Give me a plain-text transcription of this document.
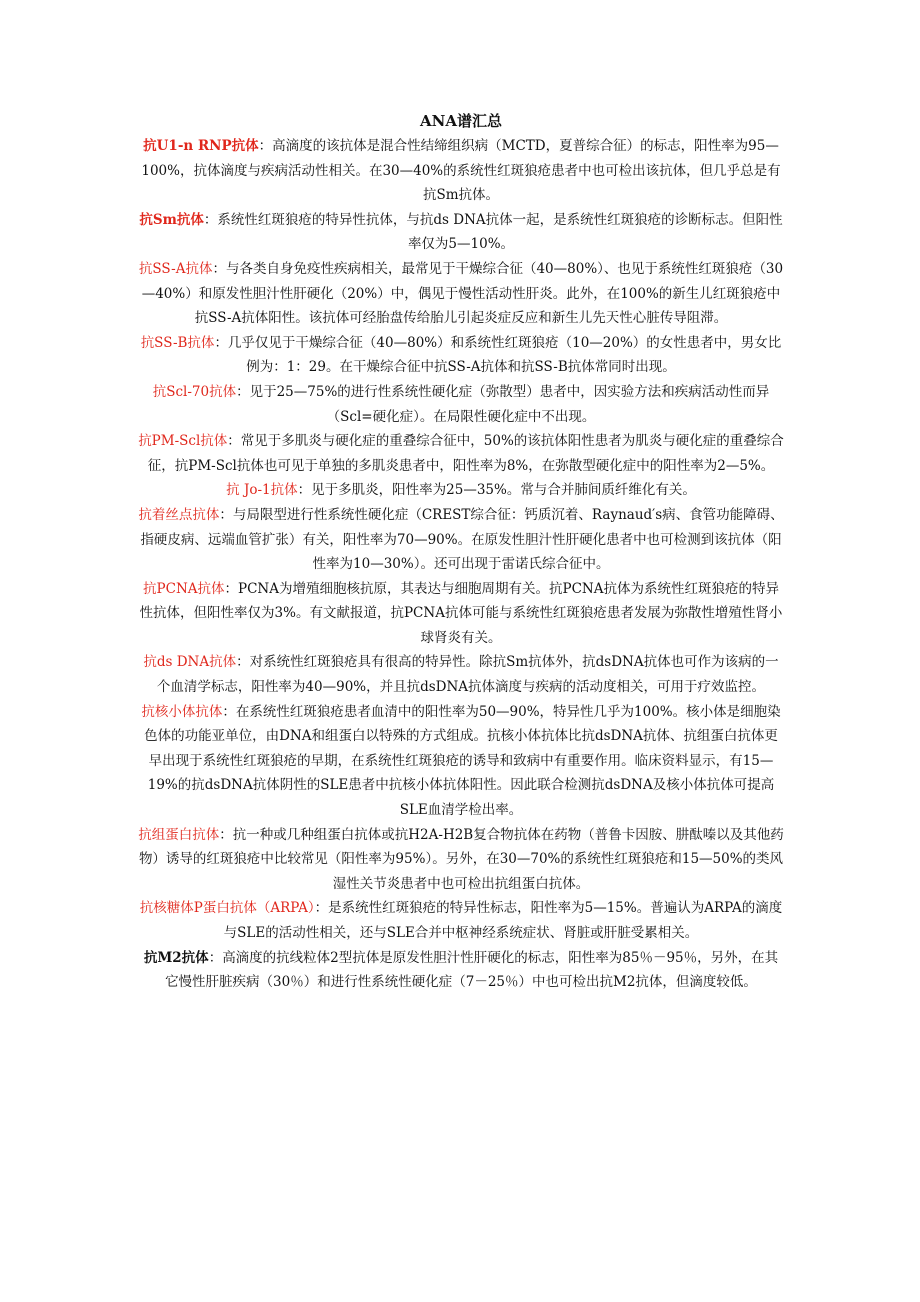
ANA谱汇总

抗U1-n RNP抗体：高滴度的该抗体是混合性结缔组织病（MCTD，夏普综合征）的标志，阳性率为95—100%，抗体滴度与疾病活动性相关。在30—40%的系统性红斑狼疮患者中也可检出该抗体，但几乎总是有抗Sm抗体。

抗Sm抗体：系统性红斑狼疮的特异性抗体，与抗ds DNA抗体一起，是系统性红斑狼疮的诊断标志。但阳性率仅为5—10%。

抗SS-A抗体：与各类自身免疫性疾病相关，最常见于干燥综合征（40—80%）、也见于系统性红斑狼疮（30—40%）和原发性胆汁性肝硬化（20%）中，偶见于慢性活动性肝炎。此外，在100%的新生儿红斑狼疮中抗SS-A抗体阳性。该抗体可经胎盘传给胎儿引起炎症反应和新生儿先天性心脏传导阻滞。

抗SS-B抗体：几乎仅见于干燥综合征（40—80%）和系统性红斑狼疮（10—20%）的女性患者中，男女比例为：1：29。在干燥综合征中抗SS-A抗体和抗SS-B抗体常同时出现。

抗Scl-70抗体：见于25—75%的进行性系统性硬化症（弥散型）患者中，因实验方法和疾病活动性而异（Scl=硬化症）。在局限性硬化症中不出现。

抗PM-Scl抗体：常见于多肌炎与硬化症的重叠综合征中，50%的该抗体阳性患者为肌炎与硬化症的重叠综合征，抗PM-Scl抗体也可见于单独的多肌炎患者中，阳性率为8%，在弥散型硬化症中的阳性率为2—5%。

抗 Jo-1抗体：见于多肌炎，阳性率为25—35%。常与合并肺间质纤维化有关。

抗着丝点抗体：与局限型进行性系统性硬化症（CREST综合征：钙质沉着、Raynaud′s病、食管功能障碍、指硬皮病、远端血管扩张）有关，阳性率为70—90%。在原发性胆汁性肝硬化患者中也可检测到该抗体（阳性率为10—30%）。还可出现于雷诺氏综合征中。

抗PCNA抗体：PCNA为增殖细胞核抗原，其表达与细胞周期有关。抗PCNA抗体为系统性红斑狼疮的特异性抗体，但阳性率仅为3%。有文献报道，抗PCNA抗体可能与系统性红斑狼疮患者发展为弥散性增殖性肾小球肾炎有关。

抗ds DNA抗体：对系统性红斑狼疮具有很高的特异性。除抗Sm抗体外，抗dsDNA抗体也可作为该病的一个血清学标志，阳性率为40—90%，并且抗dsDNA抗体滴度与疾病的活动度相关，可用于疗效监控。

抗核小体抗体：在系统性红斑狼疮患者血清中的阳性率为50—90%，特异性几乎为100%。核小体是细胞染色体的功能亚单位，由DNA和组蛋白以特殊的方式组成。抗核小体抗体比抗dsDNA抗体、抗组蛋白抗体更早出现于系统性红斑狼疮的早期，在系统性红斑狼疮的诱导和致病中有重要作用。临床资料显示，有15—19%的抗dsDNA抗体阴性的SLE患者中抗核小体抗体阳性。因此联合检测抗dsDNA及核小体抗体可提高SLE血清学检出率。

抗组蛋白抗体：抗一种或几种组蛋白抗体或抗H2A-H2B复合物抗体在药物（普鲁卡因胺、肼酞嗪以及其他药物）诱导的红斑狼疮中比较常见（阳性率为95%）。另外，在30—70%的系统性红斑狼疮和15—50%的类风湿性关节炎患者中也可检出抗组蛋白抗体。

抗核糖体P蛋白抗体（ARPA）：是系统性红斑狼疮的特异性标志，阳性率为5—15%。普遍认为ARPA的滴度与SLE的活动性相关，还与SLE合并中枢神经系统症状、肾脏或肝脏受累相关。

抗M2抗体：高滴度的抗线粒体2型抗体是原发性胆汁性肝硬化的标志，阳性率为85％－95％，另外，在其它慢性肝脏疾病（30％）和进行性系统性硬化症（7－25％）中也可检出抗M2抗体，但滴度较低。
